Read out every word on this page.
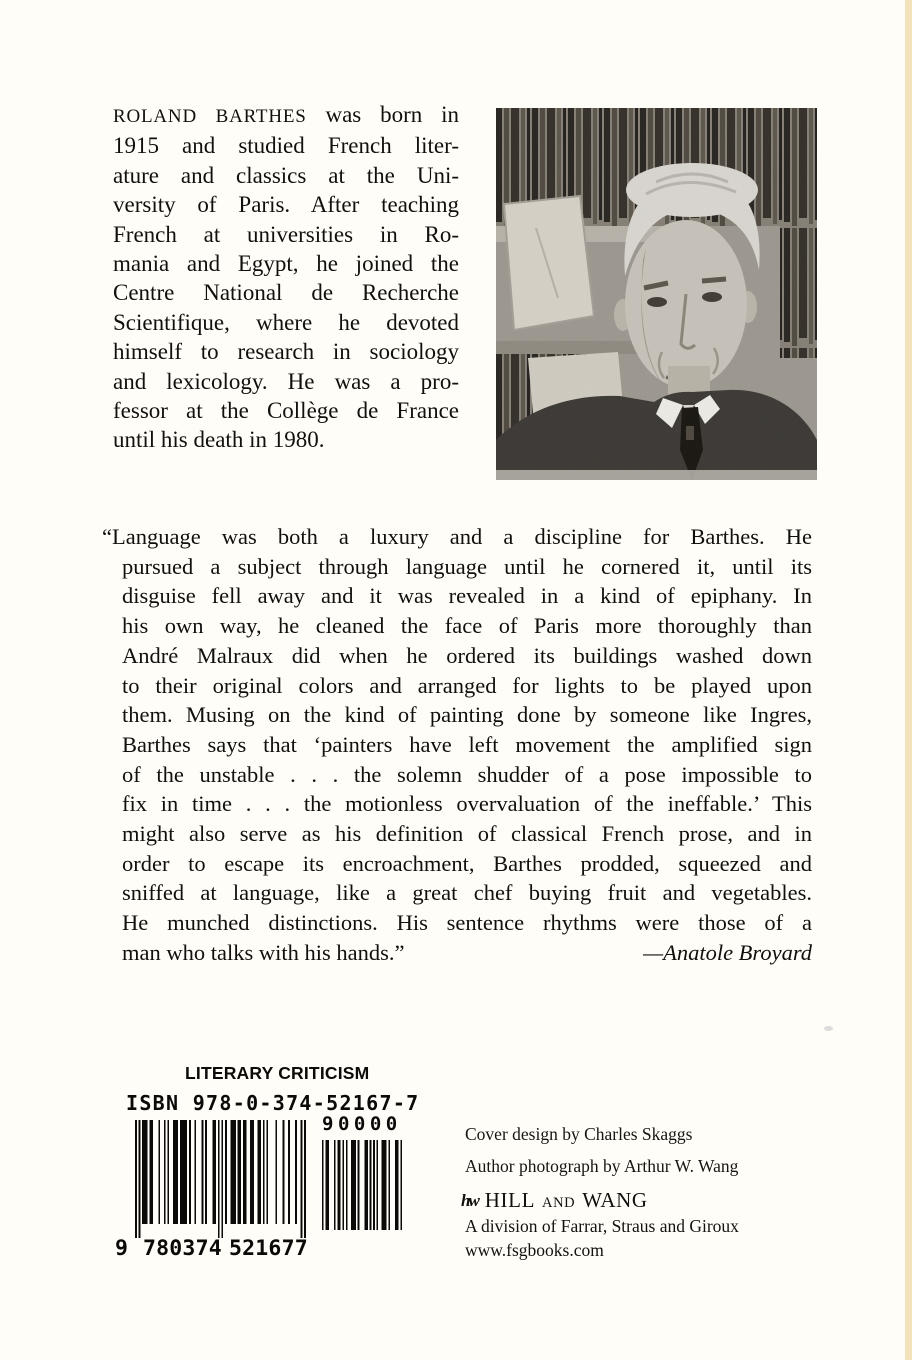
ROLAND BARTHES was born in
1915 and studied French liter-
ature and classics at the Uni-
versity of Paris. After teaching
French at universities in Ro-
mania and Egypt, he joined the
Centre National de Recherche
Scientifique, where he devoted
himself to research in sociology
and lexicology. He was a pro-
fessor at the Collège de France
until his death in 1980.
“Language was both a luxury and a discipline for Barthes. He
pursued a subject through language until he cornered it, until its
disguise fell away and it was revealed in a kind of epiphany. In
his own way, he cleaned the face of Paris more thoroughly than
André Malraux did when he ordered its buildings washed down
to their original colors and arranged for lights to be played upon
them. Musing on the kind of painting done by someone like Ingres,
Barthes says that ‘painters have left movement the amplified sign
of the unstable . . . the solemn shudder of a pose impossible to
fix in time . . . the motionless overvaluation of the ineffable.’ This
might also serve as his definition of classical French prose, and in
order to escape its encroachment, Barthes prodded, squeezed and
sniffed at language, like a great chef buying fruit and vegetables.
He munched distinctions. His sentence rhythms were those of a
man who talks with his hands.”	—Anatole Broyard
LITERARY CRITICISM
ISBN 978-0-374-52167-7
90000
9 780374 521677
Cover design by Charles Skaggs
Author photograph by Arthur W. Wang
hw HILL AND WANG
A division of Farrar, Straus and Giroux
www.fsgbooks.com
